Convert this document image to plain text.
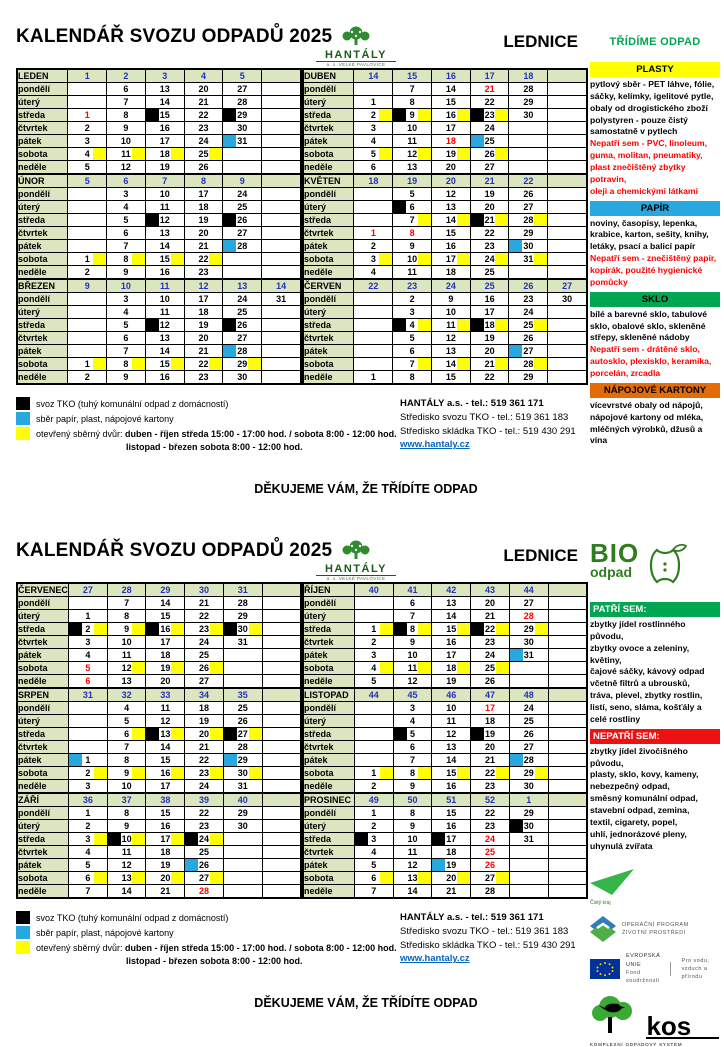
KALENDÁŘ SVOZU ODPADŮ 2025
HANTÁLY
a. s. VELKÉ PAVLOVICE
LEDNICE
LEDEN	1	2	3	4	5	
pondělí		6	13	20	27	
úterý		7	14	21	28	
středa	1	8	15	22	29	
čtvrtek	2	9	16	23	30	
pátek	3	10	17	24	31	
sobota	4	11	18	25		
neděle	5	12	19	26		
ÚNOR	5	6	7	8	9	
pondělí		3	10	17	24	
úterý		4	11	18	25	
středa		5	12	19	26	
čtvrtek		6	13	20	27	
pátek		7	14	21	28	
sobota	1	8	15	22		
neděle	2	9	16	23		
BŘEZEN	9	10	11	12	13	14
pondělí		3	10	17	24	31
úterý		4	11	18	25	
středa		5	12	19	26	
čtvrtek		6	13	20	27	
pátek		7	14	21	28	
sobota	1	8	15	22	29	
neděle	2	9	16	23	30	
DUBEN	14	15	16	17	18	
pondělí		7	14	21	28	
úterý	1	8	15	22	29	
středa	2	9	16	23	30	
čtvrtek	3	10	17	24		
pátek	4	11	18	25		
sobota	5	12	19	26		
neděle	6	13	20	27		
KVĚTEN	18	19	20	21	22	
pondělí		5	12	19	26	
úterý		6	13	20	27	
středa		7	14	21	28	
čtvrtek	1	8	15	22	29	
pátek	2	9	16	23	30	
sobota	3	10	17	24	31	
neděle	4	11	18	25		
ČERVEN	22	23	24	25	26	27
pondělí		2	9	16	23	30
úterý		3	10	17	24	
středa		4	11	18	25	
čtvrtek		5	12	19	26	
pátek		6	13	20	27	
sobota		7	14	21	28	
neděle	1	8	15	22	29	
svoz TKO (tuhý komunální odpad z domácností)
sběr papír, plast, nápojové kartony
otevřený sběrný dvůr: duben - říjen středa 15:00 - 17:00 hod. / sobota 8:00 - 12:00 hod.
listopad - březen sobota 8:00 - 12:00 hod.
HANTÁLY a.s. - tel.: 519 361 171
Středisko svozu TKO - tel.: 519 361 183
Středisko skládka TKO - tel.: 519 430 291
www.hantaly.cz
DĚKUJEME VÁM, ŽE TŘÍDÍTE ODPAD
TŘÍDÍME ODPAD
PLASTY
pytlový sběr - PET láhve, fólie,
sáčky, kelímky, igelitové pytle,
obaly od drogistického zboží
polystyren - pouze čistý
samostatně v pytlech
Nepatří sem - PVC, linoleum,
guma, molitan, pneumatiky,
plast znečištěný zbytky potravin,
oleji a chemickými látkami
PAPÍR
noviny, časopisy, lepenka,
krabice, karton, sešity, knihy,
letáky, psací a balicí papír
Nepatří sem - znečištěný papír,
kopírák, použité hygienické
pomůcky
SKLO
bílé a barevné sklo, tabulové
sklo, obalové sklo, skleněné
střepy, skleněné nádoby
Nepatří sem - drátěné sklo,
autosklo, plexisklo, keramika,
porcelán, zrcadla
NÁPOJOVÉ KARTONY
vícevrstvé obaly od nápojů,
nápojové kartony od mléka,
mléčných výrobků, džusů a vína
KALENDÁŘ SVOZU ODPADŮ 2025
HANTÁLY
a. s. VELKÉ PAVLOVICE
LEDNICE
ČERVENEC	27	28	29	30	31	
pondělí		7	14	21	28	
úterý	1	8	15	22	29	
středa	2	9	16	23	30	
čtvrtek	3	10	17	24	31	
pátek	4	11	18	25		
sobota	5	12	19	26		
neděle	6	13	20	27		
SRPEN	31	32	33	34	35	
pondělí		4	11	18	25	
úterý		5	12	19	26	
středa		6	13	20	27	
čtvrtek		7	14	21	28	
pátek	1	8	15	22	29	
sobota	2	9	16	23	30	
neděle	3	10	17	24	31	
ZÁŘÍ	36	37	38	39	40	
pondělí	1	8	15	22	29	
úterý	2	9	16	23	30	
středa	3	10	17	24		
čtvrtek	4	11	18	25		
pátek	5	12	19	26		
sobota	6	13	20	27		
neděle	7	14	21	28		
ŘÍJEN	40	41	42	43	44	
pondělí		6	13	20	27	
úterý		7	14	21	28	
středa	1	8	15	22	29	
čtvrtek	2	9	16	23	30	
pátek	3	10	17	24	31	
sobota	4	11	18	25		
neděle	5	12	19	26		
LISTOPAD	44	45	46	47	48	
pondělí		3	10	17	24	
úterý		4	11	18	25	
středa		5	12	19	26	
čtvrtek		6	13	20	27	
pátek		7	14	21	28	
sobota	1	8	15	22	29	
neděle	2	9	16	23	30	
PROSINEC	49	50	51	52	1	
pondělí	1	8	15	22	29	
úterý	2	9	16	23	30	
středa	3	10	17	24	31	
čtvrtek	4	11	18	25		
pátek	5	12	19	26		
sobota	6	13	20	27		
neděle	7	14	21	28		
svoz TKO (tuhý komunální odpad z domácností)
sběr papír, plast, nápojové kartony
otevřený sběrný dvůr: duben - říjen středa 15:00 - 17:00 hod. / sobota 8:00 - 12:00 hod.
listopad - březen sobota 8:00 - 12:00 hod.
HANTÁLY a.s. - tel.: 519 361 171
Středisko svozu TKO - tel.: 519 361 183
Středisko skládka TKO - tel.: 519 430 291
www.hantaly.cz
DĚKUJEME VÁM, ŽE TŘÍDÍTE ODPAD
BIO
odpad
PATŘÍ SEM:
zbytky jídel rostlinného původu,
zbytky ovoce a zeleniny, květiny,
čajové sáčky, kávový odpad
včetně filtrů a ubrousků,
tráva, plevel, zbytky rostlin,
listí, seno, sláma, košťály a
celé rostliny
NEPATŘÍ SEM:
zbytky jídel živočišného původu,
plasty, sklo, kovy, kameny,
nebezpečný odpad,
směsný komunální odpad,
stavební odpad, zemina,
textil, cigarety, popel,
uhlí, jednorázové pleny,
uhynulá zvířata
Čistý kraj
OPERAČNÍ PROGRAM
ŽIVOTNÍ PROSTŘEDÍ
EVROPSKÁ UNIE
Fond soudržnosti
Pro vodu,
vzduch a přírodu
kos
KOMPLEXNÍ ODPADOVÝ SYSTÉM
